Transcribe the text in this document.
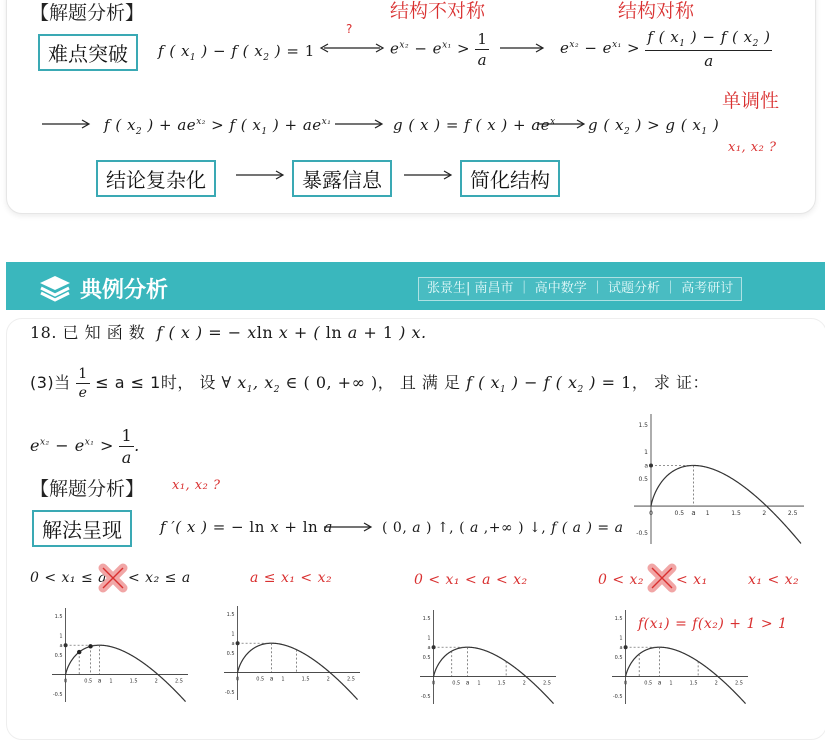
【解题分析】	结构不对称	结构对称
难点突破	f ( $x_1$ ) − f ( $x_2$ ) = 1
?
$e^{x_2} - e^{x_1} > \frac{1}{a}$	$e^{x_2} - e^{x_1} > \frac{f ( x_1 ) - f ( x_2 )}{a}$
f ( $x_2$ ) + $ae^{x_2} > f$ ( $x_1$ ) + $ae^{x_1}$	g ( x ) = f ( x ) + $ae^x$ g ( $x_2$ ) > g ( $x_1$ )
单调性
x₁, x₂ ?
结论复杂化	暴露信息	简化结构
典例分析	张景生| 南昌市 ｜ 高中数学 ｜ 试题分析 ｜ 高考研讨
18. 已 知 函 数  f ( x ) = − xln x + ( ln a + 1 ) x.
(3)当 $\frac{1}{e} \le a \le 1$时， 设 ∀ $x_1$, $x_2$ ∈ ( 0, +∞ )， 且 满 足 f ( $x_1$ ) − f ( $x_2$ ) = 1， 求 证：
$e^{x_2} - e^{x_1} > \frac{1}{a}$ .
【解题分析】 x₁, x₂ ?
解法呈现	f ′( x ) = − ln x + ln a	( 0, a ) ↑, ( a ,+∞ ) ↓, f ( a ) = a
0	0.5 a 1	1.5	2	2.5
1.5
1
a
0.5
-0.5
0 < x₁ ≤ a < x₂ ≤ a	a ≤ x₁ < x₂	0 < x₁ < a < x₂	0 < x₂ < x₁	x₁ < x₂
f(x₁) = f(x₂) + 1 > 1
0	0.5 a 1	1.5	2	2.5
1.5
1
a
0.5
-0.5
0	0.5 a 1	1.5	2	2.5
1.5
1
a
0.5
-0.5
0	0.5 a 1	1.5	2	2.5
1.5
1
a
0.5
-0.5
0	0.5 a 1	1.5	2	2.5
1.5
1
a
0.5
-0.5
